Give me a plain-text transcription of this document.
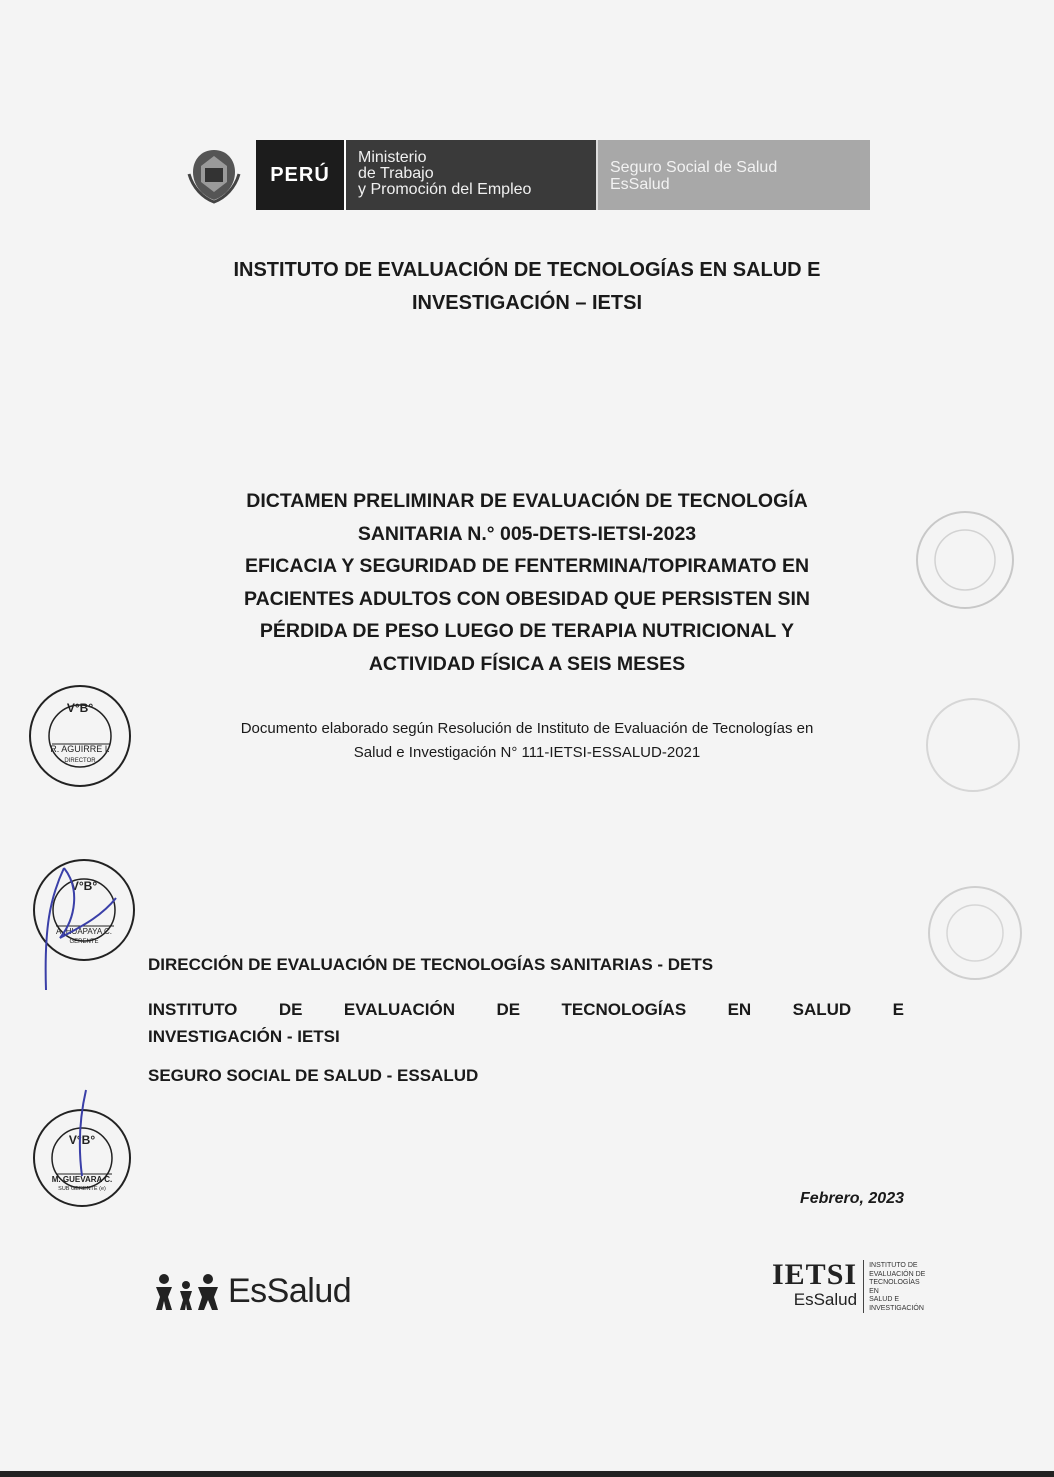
PERÚ
Ministerio
de Trabajo
y Promoción del Empleo
Seguro Social de Salud
EsSalud
INSTITUTO DE EVALUACIÓN DE TECNOLOGÍAS EN SALUD E
INVESTIGACIÓN – IETSI
DICTAMEN PRELIMINAR DE EVALUACIÓN DE TECNOLOGÍA
SANITARIA N.° 005-DETS-IETSI-2023
EFICACIA Y SEGURIDAD DE FENTERMINA/TOPIRAMATO EN
PACIENTES ADULTOS CON OBESIDAD QUE PERSISTEN SIN
PÉRDIDA DE PESO LUEGO DE TERAPIA NUTRICIONAL Y
ACTIVIDAD FÍSICA A SEIS MESES
Documento elaborado según Resolución de Instituto de Evaluación de Tecnologías en
Salud e Investigación N° 111-IETSI-ESSALUD-2021
DIRECCIÓN DE EVALUACIÓN DE TECNOLOGÍAS SANITARIAS - DETS
INSTITUTO DE EVALUACIÓN DE TECNOLOGÍAS EN SALUD E
INVESTIGACIÓN - IETSI
SEGURO SOCIAL DE SALUD - ESSALUD
Febrero, 2023
V°B°
R. AGUIRRE I.
DIRECTOR
V°B°
A. HUAPAYA C.
GERENTE
V°B°
M. GUEVARA C.
SUB GERENTE (e)
EsSalud	IETSI
EsSalud
INSTITUTO DE
EVALUACIÓN DE
TECNOLOGÍAS EN
SALUD E
INVESTIGACIÓN
